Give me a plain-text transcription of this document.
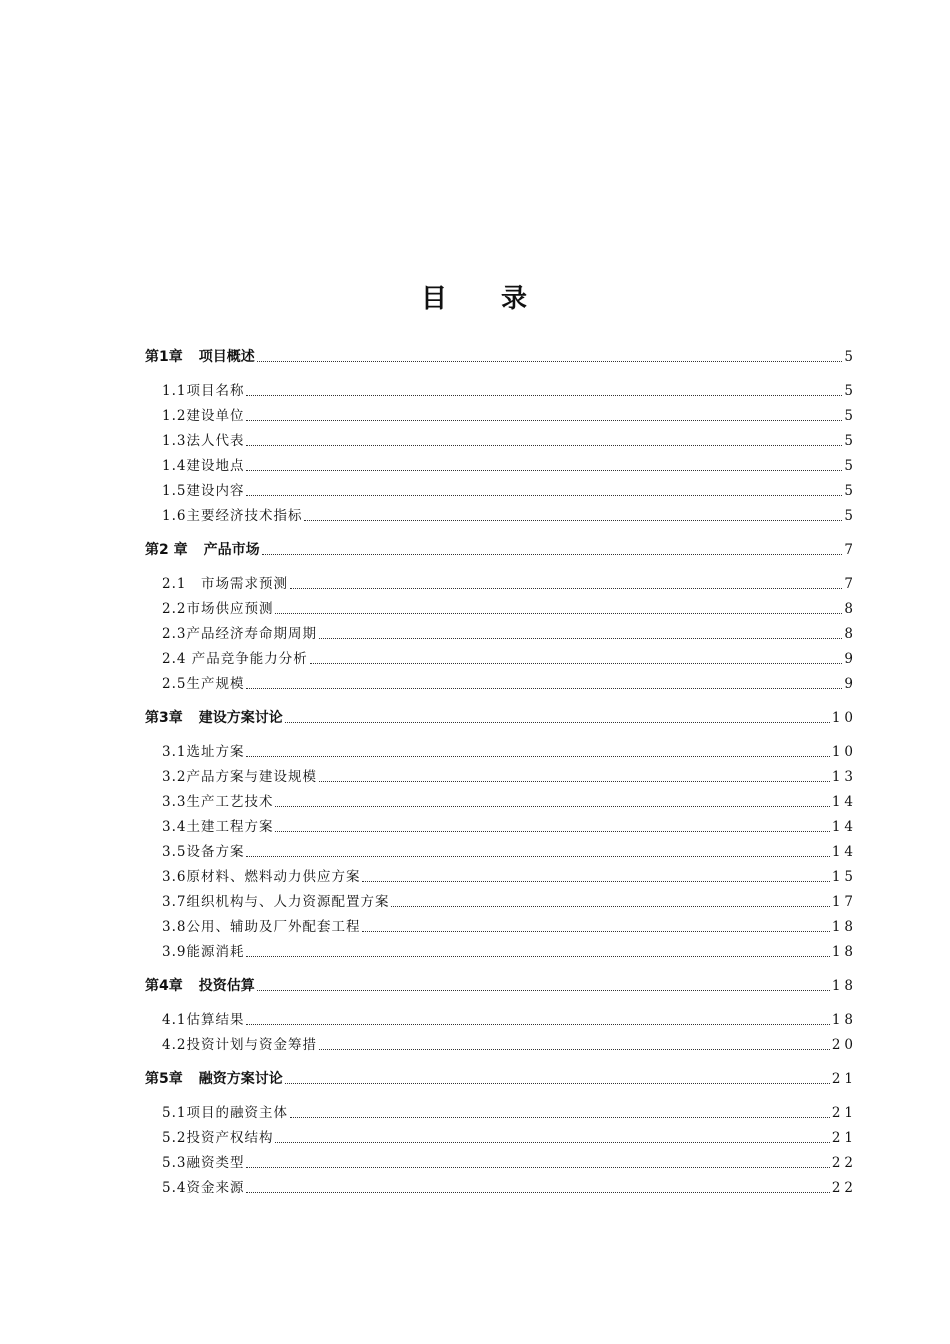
目 录
第1章 项目概述	5
1.1项目名称	5
1.2建设单位	5
1.3法人代表	5
1.4建设地点	5
1.5建设内容	5
1.6主要经济技术指标	5
第2 章 产品市场	7
2.1　市场需求预测	7
2.2市场供应预测	8
2.3产品经济寿命期周期	8
2.4 产品竞争能力分析	9
2.5生产规模	9
第3章 建设方案讨论	10
3.1选址方案	10
3.2产品方案与建设规模	13
3.3生产工艺技术	14
3.4土建工程方案	14
3.5设备方案	14
3.6原材料、燃料动力供应方案	15
3.7组织机构与、人力资源配置方案	17
3.8公用、辅助及厂外配套工程	18
3.9能源消耗	18
第4章 投资估算	18
4.1估算结果	18
4.2投资计划与资金筹措	20
第5章 融资方案讨论	21
5.1项目的融资主体	21
5.2投资产权结构	21
5.3融资类型	22
5.4资金来源	22
